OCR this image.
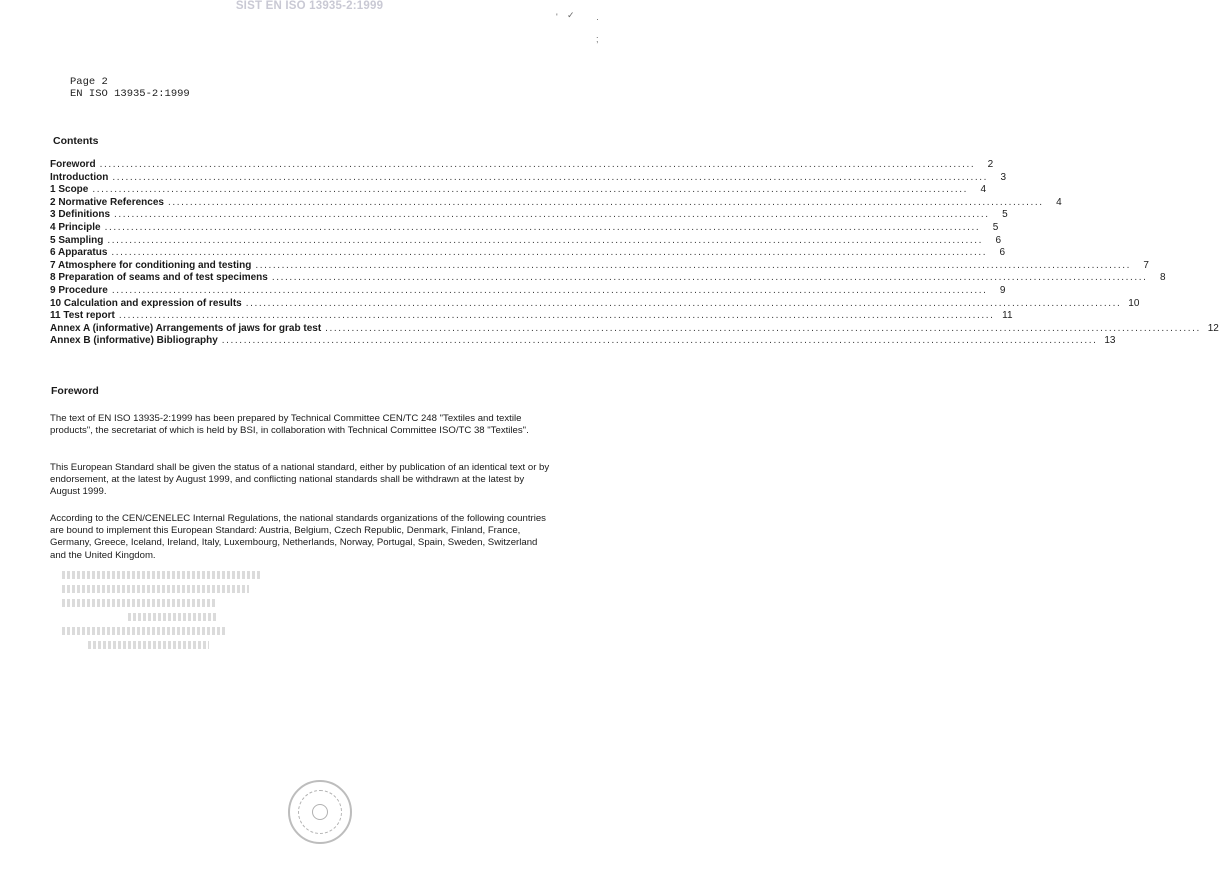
SIST EN ISO 13935-2:1999
' ✓ ·
;
Page 2
EN ISO 13935-2:1999
Contents
Foreword ........................................................................................................................................................................................................	2
Introduction ........................................................................................................................................................................................................	3
1 Scope ........................................................................................................................................................................................................	4
2 Normative References ........................................................................................................................................................................................................	4
3 Definitions ........................................................................................................................................................................................................	5
4 Principle ........................................................................................................................................................................................................	5
5 Sampling ........................................................................................................................................................................................................	6
6 Apparatus ........................................................................................................................................................................................................	6
7 Atmosphere for conditioning and testing ........................................................................................................................................................................................................	7
8 Preparation of seams and of test specimens ........................................................................................................................................................................................................	8
9 Procedure ........................................................................................................................................................................................................	9
10 Calculation and expression of results ........................................................................................................................................................................................................ 10
11 Test report ........................................................................................................................................................................................................ 11
Annex A (informative) Arrangements of jaws for grab test ........................................................................................................................................................................................................ 12
Annex B (informative) Bibliography ........................................................................................................................................................................................................ 13
Foreword
The text of EN ISO 13935-2:1999 has been prepared by Technical Committee CEN/TC 248 "Textiles and textile products", the secretariat of which is held by BSI, in collaboration with Technical Committee ISO/TC 38 "Textiles".
This European Standard shall be given the status of a national standard, either by publication of an identical text or by endorsement, at the latest by August 1999, and conflicting national standards shall be withdrawn at the latest by August 1999.
According to the CEN/CENELEC Internal Regulations, the national standards organizations of the following countries are bound to implement this European Standard: Austria, Belgium, Czech Republic, Denmark, Finland, France, Germany, Greece, Iceland, Ireland, Italy, Luxembourg, Netherlands, Norway, Portugal, Spain, Sweden, Switzerland and the United Kingdom.
